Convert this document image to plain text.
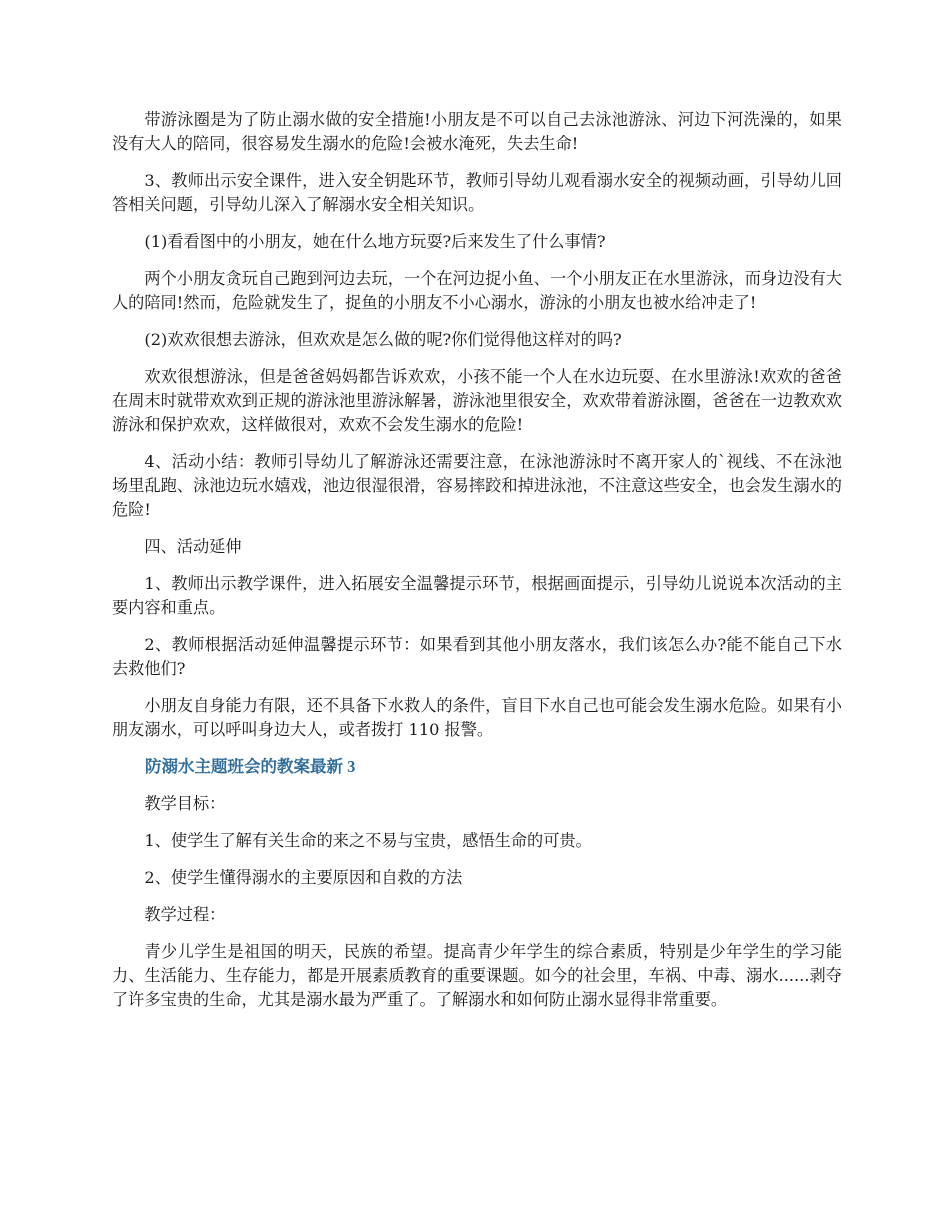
带游泳圈是为了防止溺水做的安全措施!小朋友是不可以自己去泳池游泳、河边下河洗澡的，如果没有大人的陪同，很容易发生溺水的危险!会被水淹死，失去生命!

3、教师出示安全课件，进入安全钥匙环节，教师引导幼儿观看溺水安全的视频动画，引导幼儿回答相关问题，引导幼儿深入了解溺水安全相关知识。

(1)看看图中的小朋友，她在什么地方玩耍?后来发生了什么事情?

两个小朋友贪玩自己跑到河边去玩，一个在河边捉小鱼、一个小朋友正在水里游泳，而身边没有大人的陪同!然而，危险就发生了，捉鱼的小朋友不小心溺水，游泳的小朋友也被水给冲走了!

(2)欢欢很想去游泳，但欢欢是怎么做的呢?你们觉得他这样对的吗?

欢欢很想游泳，但是爸爸妈妈都告诉欢欢，小孩不能一个人在水边玩耍、在水里游泳!欢欢的爸爸在周末时就带欢欢到正规的游泳池里游泳解暑，游泳池里很安全，欢欢带着游泳圈，爸爸在一边教欢欢游泳和保护欢欢，这样做很对，欢欢不会发生溺水的危险!

4、活动小结：教师引导幼儿了解游泳还需要注意，在泳池游泳时不离开家人的`视线、不在泳池场里乱跑、泳池边玩水嬉戏，池边很湿很滑，容易摔跤和掉进泳池，不注意这些安全，也会发生溺水的危险!

四、活动延伸

1、教师出示教学课件，进入拓展安全温馨提示环节，根据画面提示，引导幼儿说说本次活动的主要内容和重点。

2、教师根据活动延伸温馨提示环节：如果看到其他小朋友落水，我们该怎么办?能不能自己下水去救他们?

小朋友自身能力有限，还不具备下水救人的条件，盲目下水自己也可能会发生溺水危险。如果有小朋友溺水，可以呼叫身边大人，或者拨打 110 报警。

防溺水主题班会的教案最新 3

教学目标：

1、使学生了解有关生命的来之不易与宝贵，感悟生命的可贵。

2、使学生懂得溺水的主要原因和自救的方法

教学过程：

青少儿学生是祖国的明天，民族的希望。提高青少年学生的综合素质，特别是少年学生的学习能力、生活能力、生存能力，都是开展素质教育的重要课题。如今的社会里，车祸、中毒、溺水......剥夺了许多宝贵的生命，尤其是溺水最为严重了。了解溺水和如何防止溺水显得非常重要。
